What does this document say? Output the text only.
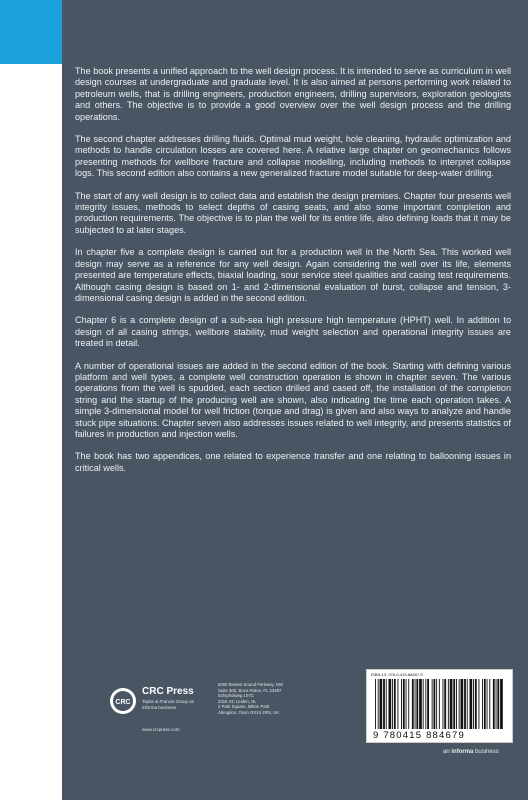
The book presents a unified approach to the well design process. It is intended to serve as curriculum in well design courses at undergraduate and graduate level. It is also aimed at persons performing work related to petroleum wells, that is drilling engineers, production engineers, drilling supervisors, exploration geologists and others. The objective is to provide a good overview over the well design process and the drilling operations.

The second chapter addresses drilling fluids. Optimal mud weight, hole cleaning, hydraulic optimization and methods to handle circulation losses are covered here. A relative large chapter on geomechanics follows presenting methods for wellbore fracture and collapse modelling, including methods to interpret collapse logs. This second edition also contains a new generalized fracture model suitable for deep-water drilling.

The start of any well design is to collect data and establish the design premises. Chapter four presents well integrity issues, methods to select depths of casing seats, and also some important completion and production requirements. The objective is to plan the well for its entire life, also defining loads that it may be subjected to at later stages.

In chapter five a complete design is carried out for a production well in the North Sea. This worked well design may serve as a reference for any well design. Again considering the well over its life, elements presented are temperature effects, biaxial loading, sour service steel qualities and casing test requirements. Although casing design is based on 1- and 2-dimensional evaluation of burst, collapse and tension, 3-dimensional casing design is added in the second edition.

Chapter 6 is a complete design of a sub-sea high pressure high temperature (HPHT) well. In addition to design of all casing strings, wellbore stability, mud weight selection and operational integrity issues are treated in detail.

A number of operational issues are added in the second edition of the book. Starting with defining various platform and well types, a complete well construction operation is shown in chapter seven. The various operations from the well is spudded, each section drilled and cased off, the installation of the completion string and the startup of the producing well are shown, also indicating the time each operation takes. A simple 3-dimensional model for well friction (torque and drag) is given and also ways to analyze and handle stuck pipe situations. Chapter seven also addresses issues related to well integrity, and presents statistics of failures in production and injection wells.

The book has two appendices, one related to experience transfer and one relating to ballooning issues in critical wells.

CRC
CRC Press
Taylor & Francis Group an informa business
www.crcpress.com
6000 Broken Sound Parkway, NW
Suite 300, Boca Raton, FL 33487
Schipholweg 107C
2316 XC Leiden, NL
2 Park Square, Milton Park
Abingdon, Oxon OX14 4RN, UK
ISBN-13: 978-0-415-88467-9
9 780415 884679
an informa business
